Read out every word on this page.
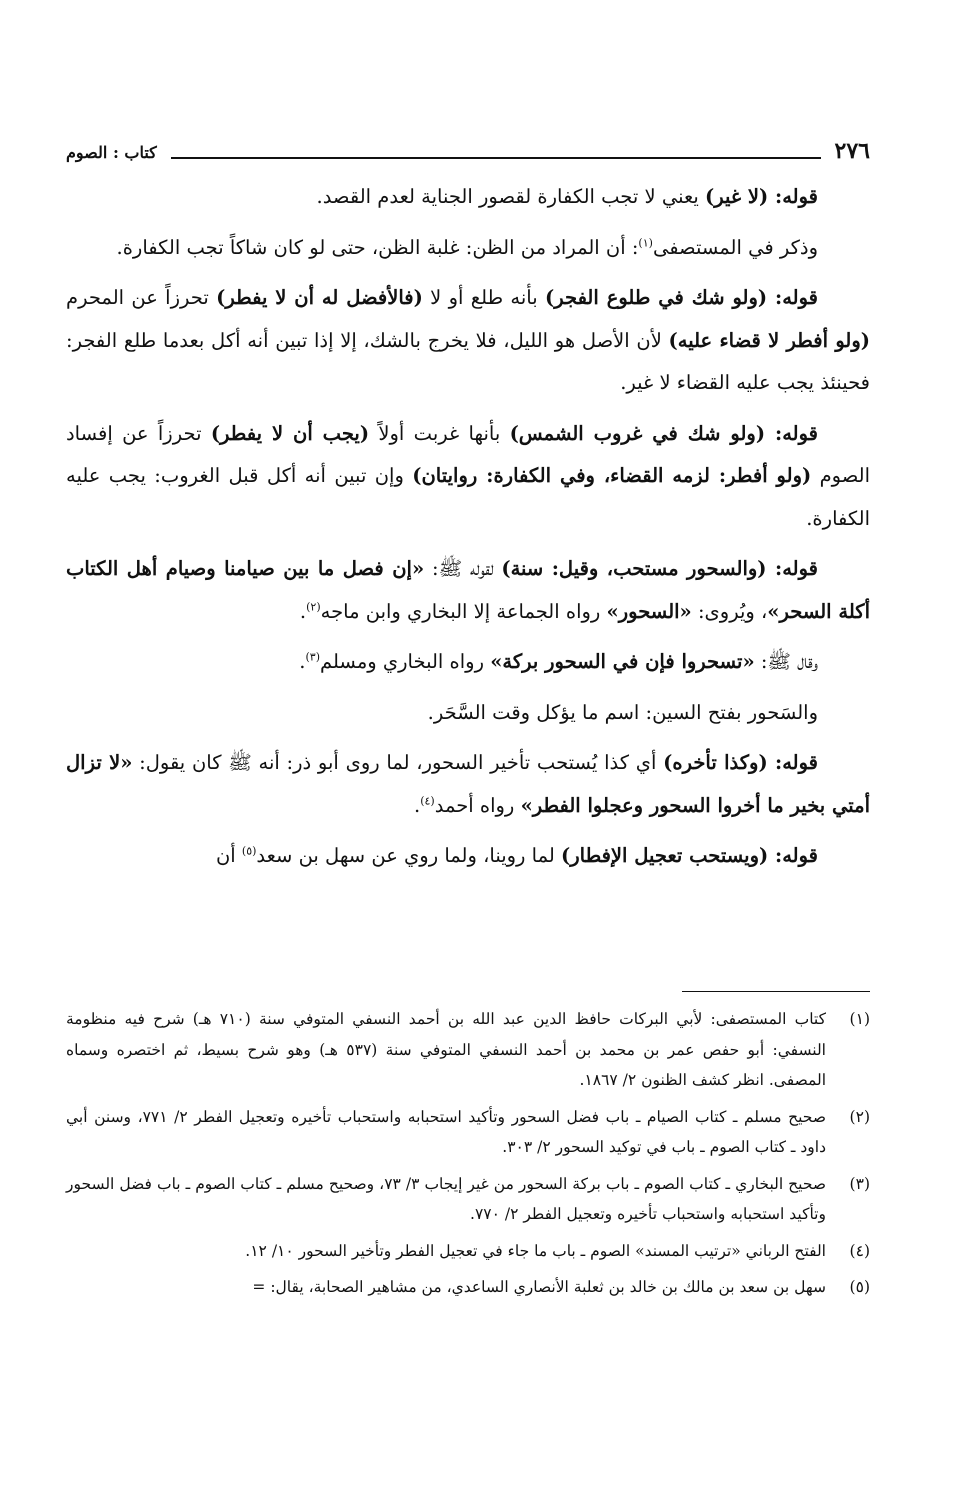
٢٧٦
كتاب : الصوم

قوله: (لا غير) يعني لا تجب الكفارة لقصور الجناية لعدم القصد.

وذكر في المستصفى$^{(١)}$: أن المراد من الظن: غلبة الظن، حتى لو كان شاكاً تجب الكفارة.

قوله: (ولو شك في طلوع الفجر) بأنه طلع أو لا (فالأفضل له أن لا يفطر) تحرزاً عن المحرم (ولو أفطر لا قضاء عليه) لأن الأصل هو الليل، فلا يخرج بالشك، إلا إذا تبين أنه أكل بعدما طلع الفجر: فحينئذ يجب عليه القضاء لا غير.

قوله: (ولو شك في غروب الشمس) بأنها غربت أولاً (يجب أن لا يفطر) تحرزاً عن إفساد الصوم (ولو أفطر: لزمه القضاء، وفي الكفارة: روايتان) وإن تبين أنه أكل قبل الغروب: يجب عليه الكفارة.

قوله: (والسحور مستحب، وقيل: سنة) لقوله ﷺ: «إن فصل ما بين صيامنا وصيام أهل الكتاب أكلة السحر»، ويُروى: «السحور» رواه الجماعة إلا البخاري وابن ماجه$^{(٢)}$.

وقال ﷺ: «تسحروا فإن في السحور بركة» رواه البخاري ومسلم$^{(٣)}$.

والسَحور بفتح السين: اسم ما يؤكل وقت السَّحَر.

قوله: (وكذا تأخره) أي كذا يُستحب تأخير السحور، لما روى أبو ذر: أنه ﷺ كان يقول: «لا تزال أمتي بخير ما أخروا السحور وعجلوا الفطر» رواه أحمد$^{(٤)}$.

قوله: (ويستحب تعجيل الإفطار) لما روينا، ولما روي عن سهل بن سعد$^{(٥)}$ أن

(١)
كتاب المستصفى: لأبي البركات حافظ الدين عبد الله بن أحمد النسفي المتوفي سنة (٧١٠ هـ) شرح فيه منظومة النسفي: أبو حفص عمر بن محمد بن أحمد النسفي المتوفي سنة (٥٣٧ هـ) وهو شرح بسيط، ثم اختصره وسماه المصفى. انظر كشف الظنون ٢/ ١٨٦٧.
(٢)
صحيح مسلم ـ كتاب الصيام ـ باب فضل السحور وتأكيد استحبابه واستحباب تأخيره وتعجيل الفطر ٢/ ٧٧١، وسنن أبي داود ـ كتاب الصوم ـ باب في توكيد السحور ٢/ ٣٠٣.
(٣)
صحيح البخاري ـ كتاب الصوم ـ باب بركة السحور من غير إيجاب ٣/ ٧٣، وصحيح مسلم ـ كتاب الصوم ـ باب فضل السحور وتأكيد استحبابه واستحباب تأخيره وتعجيل الفطر ٢/ ٧٧٠.
(٤)
الفتح الرباني «ترتيب المسند» الصوم ـ باب ما جاء في تعجيل الفطر وتأخير السحور ١٠/ ١٢.
(٥)
سهل بن سعد بن مالك بن خالد بن ثعلبة الأنصاري الساعدي، من مشاهير الصحابة، يقال: =
